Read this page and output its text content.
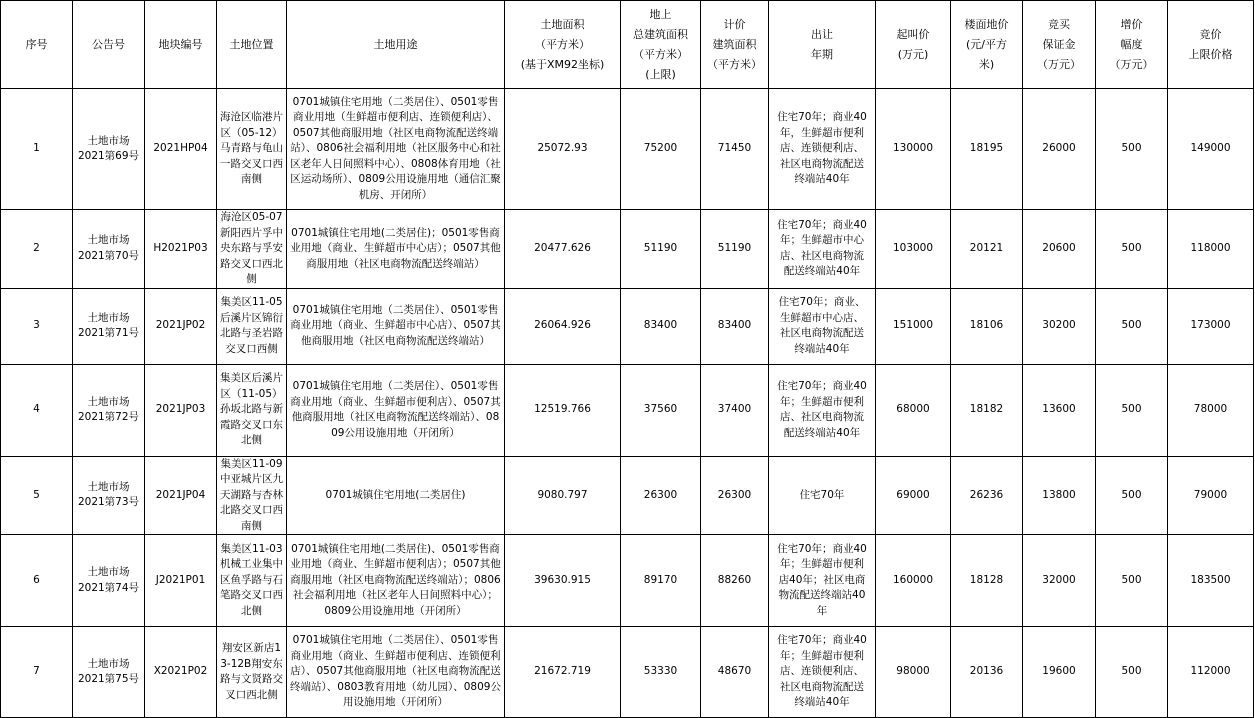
序号	公告号	地块编号	土地位置	土地用途	土地面积
（平方米）
(基于XM92坐标)	地上
总建筑面积
（平方米）
(上限)	计价
建筑面积
（平方米）	出让
年期	起叫价
(万元)	楼面地价
(元/平方
米)	竞买
保证金
（万元）	增价
幅度
（万元）	竞价
上限价格
1	土地市场
2021第69号	2021HP04	海沧区临港片区（05-12）马青路与龟山一路交叉口西南侧	0701城镇住宅用地（二类居住）、0501零售商业用地（生鲜超市便利店、连锁便利店）、0507其他商服用地（社区电商物流配送终端站）、0806社会福利用地（社区服务中心和社区老年人日间照料中心）、0808体育用地（社区运动场所）、0809公用设施用地（通信汇聚机房、开闭所）	25072.93	75200	71450	住宅70年；商业40年，生鲜超市便利店、连锁便利店、社区电商物流配送终端站40年	130000	18195	26000	500	149000
2	土地市场
2021第70号	H2021P03	海沧区05-07新阳西片孚中央东路与孚安路交叉口西北侧	0701城镇住宅用地(二类居住)；0501零售商业用地（商业、生鲜超市中心店）；0507其他商服用地（社区电商物流配送终端站）	20477.626	51190	51190	住宅70年；商业40年；生鲜超市中心店、社区电商物流配送终端站40年	103000	20121	20600	500	118000
3	土地市场
2021第71号	2021JP02	集美区11-05后溪片区锦衍北路与圣岩路交叉口西侧	0701城镇住宅用地（二类居住）、0501零售商业用地（商业、生鲜超市中心店）、0507其他商服用地（社区电商物流配送终端站）	26064.926	83400	83400	住宅70年；商业、生鲜超市中心店、社区电商物流配送终端站40年	151000	18106	30200	500	173000
4	土地市场
2021第72号	2021JP03	集美区后溪片区（11-05）孙坂北路与新霞路交叉口东北侧	0701城镇住宅用地（二类居住）、0501零售商业用地（商业、生鲜超市便利店）、0507其他商服用地（社区电商物流配送终端站）、0809公用设施用地（开闭所）	12519.766	37560	37400	住宅70年；商业40年；生鲜超市便利店、社区电商物流配送终端站40年	68000	18182	13600	500	78000
5	土地市场
2021第73号	2021JP04	集美区11-09中亚城片区九天湖路与杏林北路交叉口西南侧	0701城镇住宅用地(二类居住)	9080.797	26300	26300	住宅70年	69000	26236	13800	500	79000
6	土地市场
2021第74号	J2021P01	集美区11-03机械工业集中区鱼孚路与石笔路交叉口西北侧	0701城镇住宅用地(二类居住)、0501零售商业用地（商业、生鲜超市便利店）；0507其他商服用地（社区电商物流配送终端站）；0806社会福利用地（社区老年人日间照料中心）；0809公用设施用地（开闭所）	39630.915	89170	88260	住宅70年；商业40年；生鲜超市便利店40年；社区电商物流配送终端站40年	160000	18128	32000	500	183500
7	土地市场
2021第75号	X2021P02	翔安区新店13-12B翔安东路与文贤路交叉口西北侧	0701城镇住宅用地（二类居住）、0501零售商业用地（商业、生鲜超市便利店、连锁便利店）、0507其他商服用地（社区电商物流配送终端站）、0803教育用地（幼儿园）、0809公用设施用地（开闭所）	21672.719	53330	48670	住宅70年；商业40年；生鲜超市便利店、连锁便利店、社区电商物流配送终端站40年	98000	20136	19600	500	112000
